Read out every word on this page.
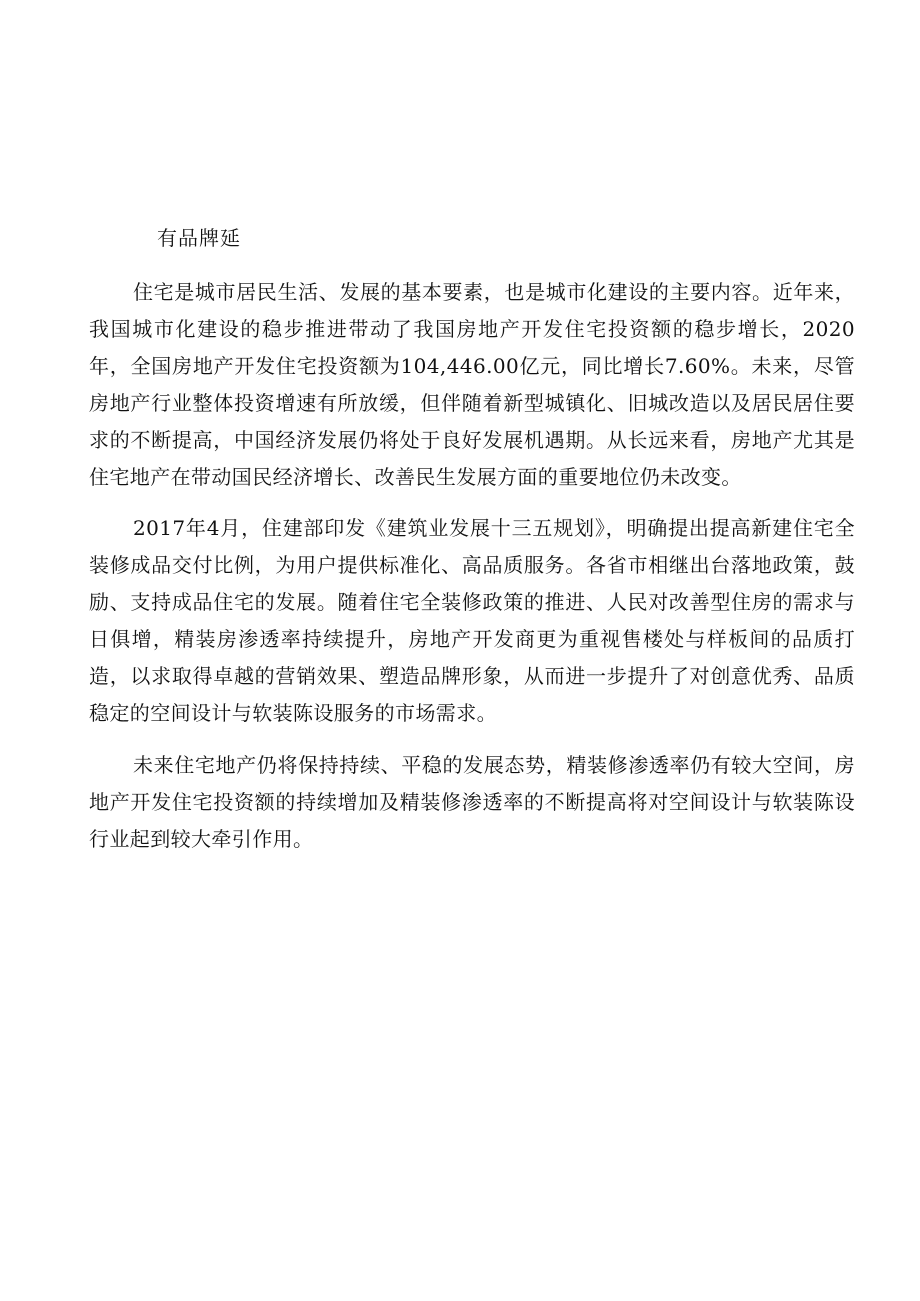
有品牌延

住宅是城市居民生活、发展的基本要素，也是城市化建设的主要内容。近年来，我国城市化建设的稳步推进带动了我国房地产开发住宅投资额的稳步增长，2020年，全国房地产开发住宅投资额为104,446.00亿元，同比增长7.60%。未来，尽管房地产行业整体投资增速有所放缓，但伴随着新型城镇化、旧城改造以及居民居住要求的不断提高，中国经济发展仍将处于良好发展机遇期。从长远来看，房地产尤其是住宅地产在带动国民经济增长、改善民生发展方面的重要地位仍未改变。

2017年4月，住建部印发《建筑业发展十三五规划》，明确提出提高新建住宅全装修成品交付比例，为用户提供标准化、高品质服务。各省市相继出台落地政策，鼓励、支持成品住宅的发展。随着住宅全装修政策的推进、人民对改善型住房的需求与日俱增，精装房渗透率持续提升，房地产开发商更为重视售楼处与样板间的品质打造，以求取得卓越的营销效果、塑造品牌形象，从而进一步提升了对创意优秀、品质稳定的空间设计与软装陈设服务的市场需求。

未来住宅地产仍将保持持续、平稳的发展态势，精装修渗透率仍有较大空间，房地产开发住宅投资额的持续增加及精装修渗透率的不断提高将对空间设计与软装陈设行业起到较大牵引作用。
